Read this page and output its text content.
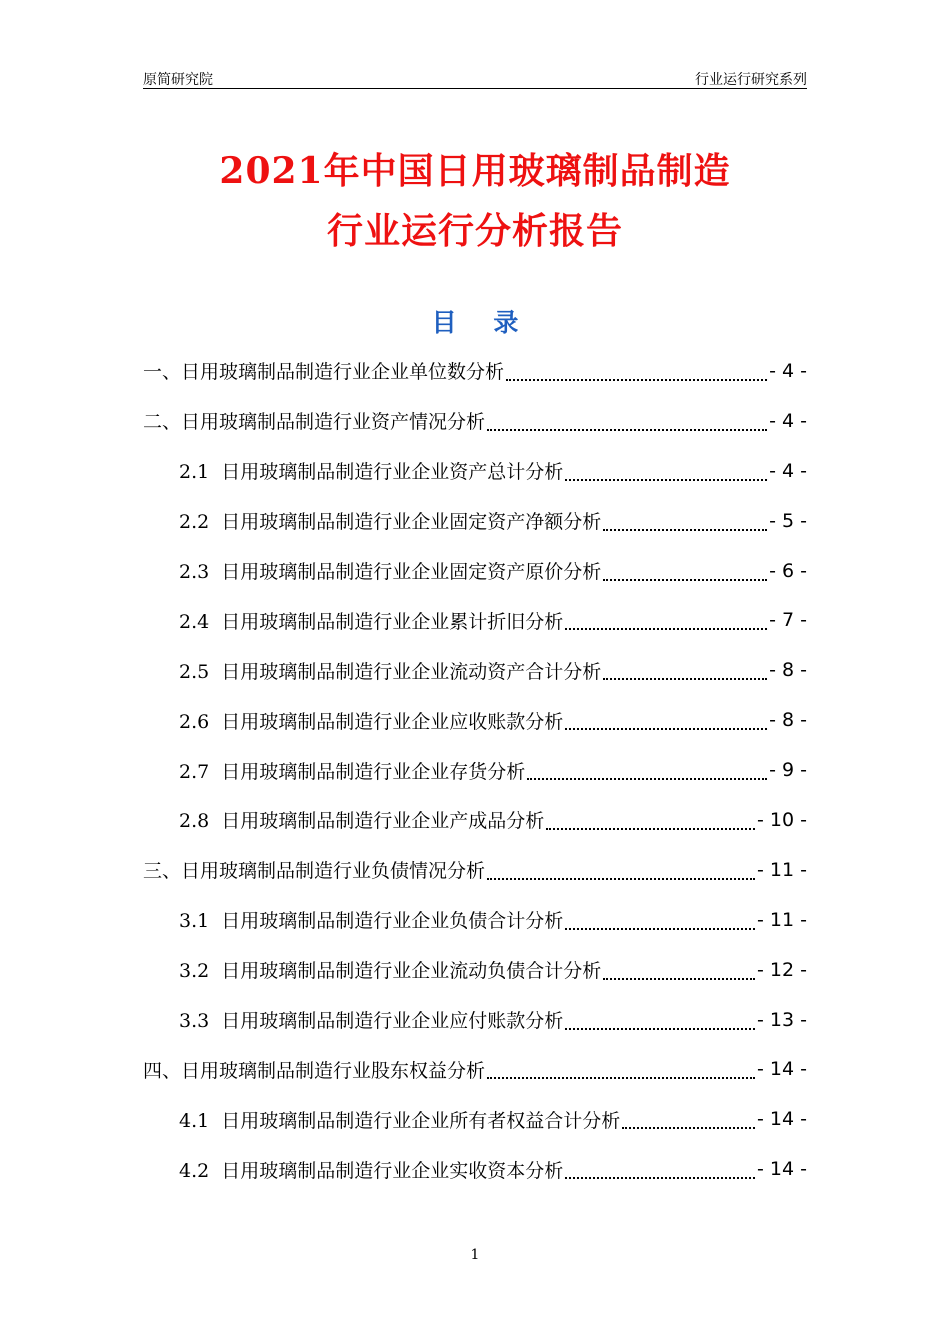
原简研究院	行业运行研究系列
2021年中国日用玻璃制品制造
行业运行分析报告
目 录
一、日用玻璃制品制造行业企业单位数分析	- 4 -
二、日用玻璃制品制造行业资产情况分析	- 4 -
2.1 日用玻璃制品制造行业企业资产总计分析	- 4 -
2.2 日用玻璃制品制造行业企业固定资产净额分析	- 5 -
2.3 日用玻璃制品制造行业企业固定资产原价分析	- 6 -
2.4 日用玻璃制品制造行业企业累计折旧分析	- 7 -
2.5 日用玻璃制品制造行业企业流动资产合计分析	- 8 -
2.6 日用玻璃制品制造行业企业应收账款分析	- 8 -
2.7 日用玻璃制品制造行业企业存货分析	- 9 -
2.8 日用玻璃制品制造行业企业产成品分析	- 10 -
三、日用玻璃制品制造行业负债情况分析	- 11 -
3.1 日用玻璃制品制造行业企业负债合计分析	- 11 -
3.2 日用玻璃制品制造行业企业流动负债合计分析	- 12 -
3.3 日用玻璃制品制造行业企业应付账款分析	- 13 -
四、日用玻璃制品制造行业股东权益分析	- 14 -
4.1 日用玻璃制品制造行业企业所有者权益合计分析	- 14 -
4.2 日用玻璃制品制造行业企业实收资本分析	- 14 -
1
